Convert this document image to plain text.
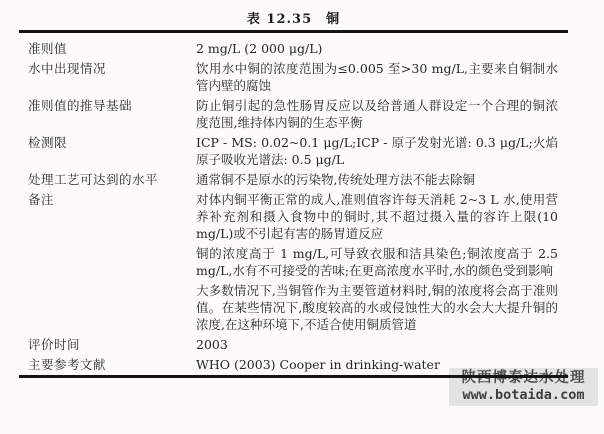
表 12.35　铜
准则值	2 mg/L (2 000 μg/L)

水中出现情况	饮用水中铜的浓度范围为≤0.005 至>30 mg/L,主要来自铜制水管内壁的腐蚀

准则值的推导基础	防止铜引起的急性肠胃反应以及给普通人群设定一个合理的铜浓度范围,维持体内铜的生态平衡

检测限	ICP - MS: 0.02~0.1 μg/L;ICP - 原子发射光谱: 0.3 μg/L;火焰原子吸收光谱法: 0.5 μg/L

处理工艺可达到的水平	通常铜不是原水的污染物,传统处理方法不能去除铜

备注	对体内铜平衡正常的成人,准则值容许每天消耗 2~3 L 水,使用营养补充剂和摄入食物中的铜时,其不超过摄入量的容许上限(10 mg/L)或不引起有害的肠胃道反应

铜的浓度高于 1 mg/L,可导致衣服和洁具染色;铜浓度高于 2.5 mg/L,水有不可接受的苦味;在更高浓度水平时,水的颜色受到影响

大多数情况下,当铜管作为主要管道材料时,铜的浓度将会高于准则值。在某些情况下,酸度较高的水或侵蚀性大的水会大大提升铜的浓度,在这种环境下,不适合使用铜质管道

评价时间	2003

主要参考文献	WHO (2003) Cooper in drinking-water

陕西博泰达水处理
www.botaida.com
